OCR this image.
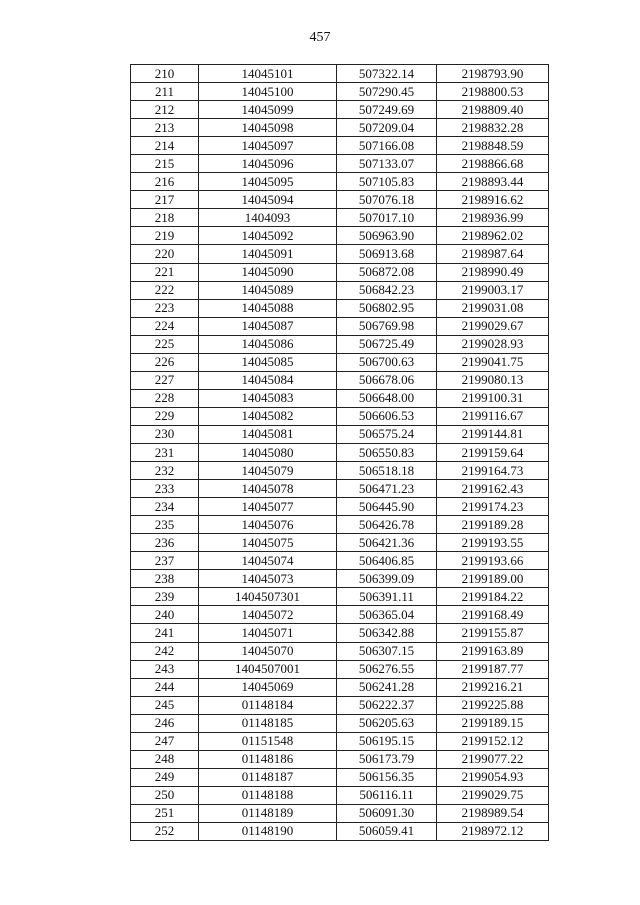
457
210	14045101	507322.14	2198793.90
211	14045100	507290.45	2198800.53
212	14045099	507249.69	2198809.40
213	14045098	507209.04	2198832.28
214	14045097	507166.08	2198848.59
215	14045096	507133.07	2198866.68
216	14045095	507105.83	2198893.44
217	14045094	507076.18	2198916.62
218	1404093	507017.10	2198936.99
219	14045092	506963.90	2198962.02
220	14045091	506913.68	2198987.64
221	14045090	506872.08	2198990.49
222	14045089	506842.23	2199003.17
223	14045088	506802.95	2199031.08
224	14045087	506769.98	2199029.67
225	14045086	506725.49	2199028.93
226	14045085	506700.63	2199041.75
227	14045084	506678.06	2199080.13
228	14045083	506648.00	2199100.31
229	14045082	506606.53	2199116.67
230	14045081	506575.24	2199144.81
231	14045080	506550.83	2199159.64
232	14045079	506518.18	2199164.73
233	14045078	506471.23	2199162.43
234	14045077	506445.90	2199174.23
235	14045076	506426.78	2199189.28
236	14045075	506421.36	2199193.55
237	14045074	506406.85	2199193.66
238	14045073	506399.09	2199189.00
239	1404507301	506391.11	2199184.22
240	14045072	506365.04	2199168.49
241	14045071	506342.88	2199155.87
242	14045070	506307.15	2199163.89
243	1404507001	506276.55	2199187.77
244	14045069	506241.28	2199216.21
245	01148184	506222.37	2199225.88
246	01148185	506205.63	2199189.15
247	01151548	506195.15	2199152.12
248	01148186	506173.79	2199077.22
249	01148187	506156.35	2199054.93
250	01148188	506116.11	2199029.75
251	01148189	506091.30	2198989.54
252	01148190	506059.41	2198972.12
